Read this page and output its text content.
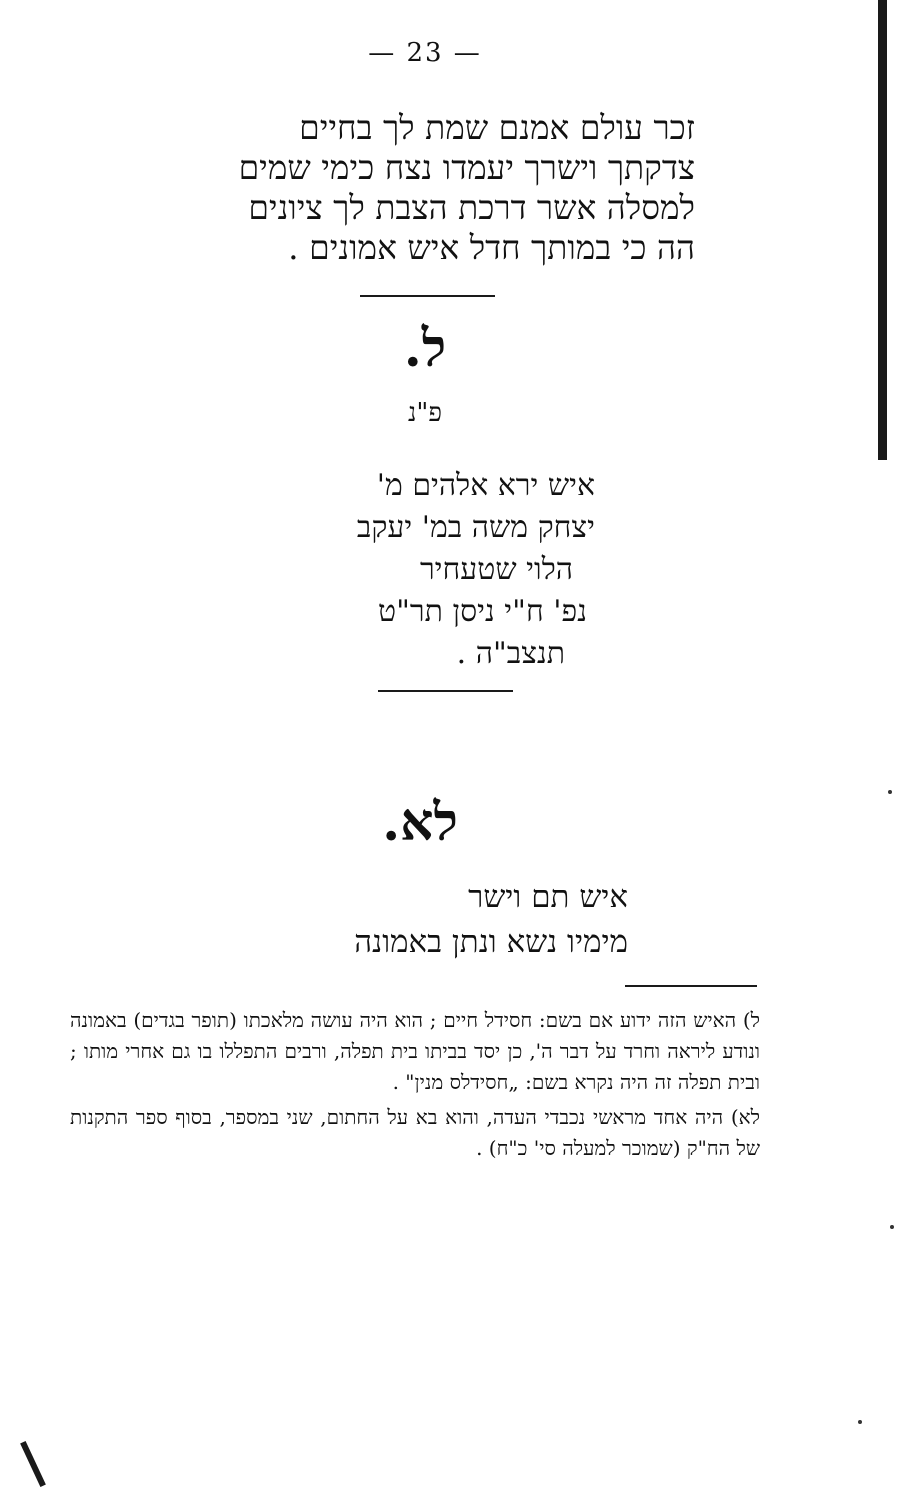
— 23 —
זכר עולם אמנם שמת לך בחיים
צדקתך וישרך יעמדו נצח כימי שמים
למסלה אשר דרכת הצבת לך ציונים
הה כי במותך חדל איש אמונים .
ל.
פ"נ
איש ירא אלהים מ'
יצחק משה במ' יעקב
הלוי שטעחיר
נפ' ח"י ניסן תר"ט
תנצב"ה .
לא.
איש תם וישר
מימיו נשא ונתן באמונה

ל) האיש הזה ידוע אם בשם: חסידל חיים ; הוא היה עושה מלאכתו (תופר בגדים) באמונה ונודע ליראה וחרד על דבר ה', כן יסד בביתו בית תפלה, ורבים התפללו בו גם אחרי מותו ; ובית תפלה זה היה נקרא בשם: „חסידלס מנין" .

לא) היה אחד מראשי נכבדי העדה, והוא בא על החתום, שני במספר, בסוף ספר התקנות של הח"ק (שמוכר למעלה סי' כ"ח) .
